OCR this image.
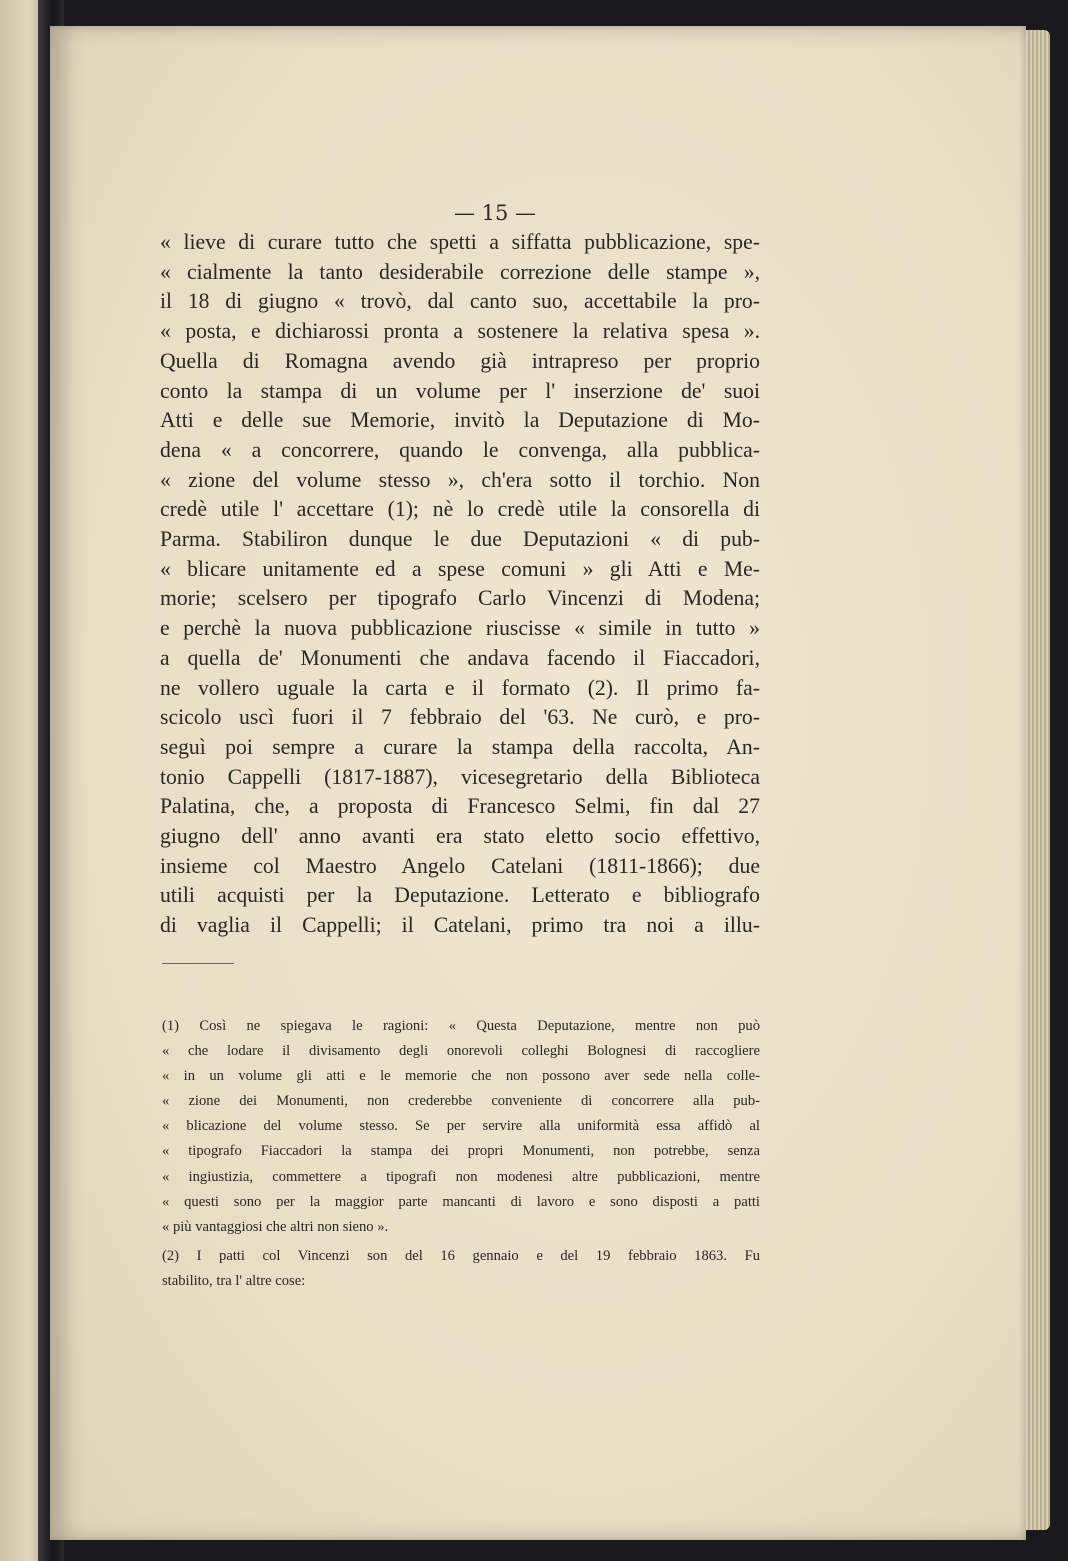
— 15 —
« lieve di curare tutto che spetti a siffatta pubblicazione, spe-
« cialmente la tanto desiderabile correzione delle stampe »,
il 18 di giugno « trovò, dal canto suo, accettabile la pro-
« posta, e dichiarossi pronta a sostenere la relativa spesa ».
Quella di Romagna avendo già intrapreso per proprio
conto la stampa di un volume per l' inserzione de' suoi
Atti e delle sue Memorie, invitò la Deputazione di Mo-
dena « a concorrere, quando le convenga, alla pubblica-
« zione del volume stesso », ch'era sotto il torchio. Non
credè utile l' accettare (1); nè lo credè utile la consorella di
Parma. Stabiliron dunque le due Deputazioni « di pub-
« blicare unitamente ed a spese comuni » gli Atti e Me-
morie; scelsero per tipografo Carlo Vincenzi di Modena;
e perchè la nuova pubblicazione riuscisse « simile in tutto »
a quella de' Monumenti che andava facendo il Fiaccadori,
ne vollero uguale la carta e il formato (2). Il primo fa-
scicolo uscì fuori il 7 febbraio del '63. Ne curò, e pro-
seguì poi sempre a curare la stampa della raccolta, An-
tonio Cappelli (1817-1887), vicesegretario della Biblioteca
Palatina, che, a proposta di Francesco Selmi, fin dal 27
giugno dell' anno avanti era stato eletto socio effettivo,
insieme col Maestro Angelo Catelani (1811-1866); due
utili acquisti per la Deputazione. Letterato e bibliografo
di vaglia il Cappelli; il Catelani, primo tra noi a illu-
(1) Così ne spiegava le ragioni: « Questa Deputazione, mentre non può
« che lodare il divisamento degli onorevoli colleghi Bolognesi di raccogliere
« in un volume gli atti e le memorie che non possono aver sede nella colle-
« zione dei Monumenti, non crederebbe conveniente di concorrere alla pub-
« blicazione del volume stesso. Se per servire alla uniformità essa affidò al
« tipografo Fiaccadori la stampa dei propri Monumenti, non potrebbe, senza
« ingiustizia, commettere a tipografi non modenesi altre pubblicazioni, mentre
« questi sono per la maggior parte mancanti di lavoro e sono disposti a patti
« più vantaggiosi che altri non sieno ».
(2) I patti col Vincenzi son del 16 gennaio e del 19 febbraio 1863. Fu
stabilito, tra l' altre cose:
